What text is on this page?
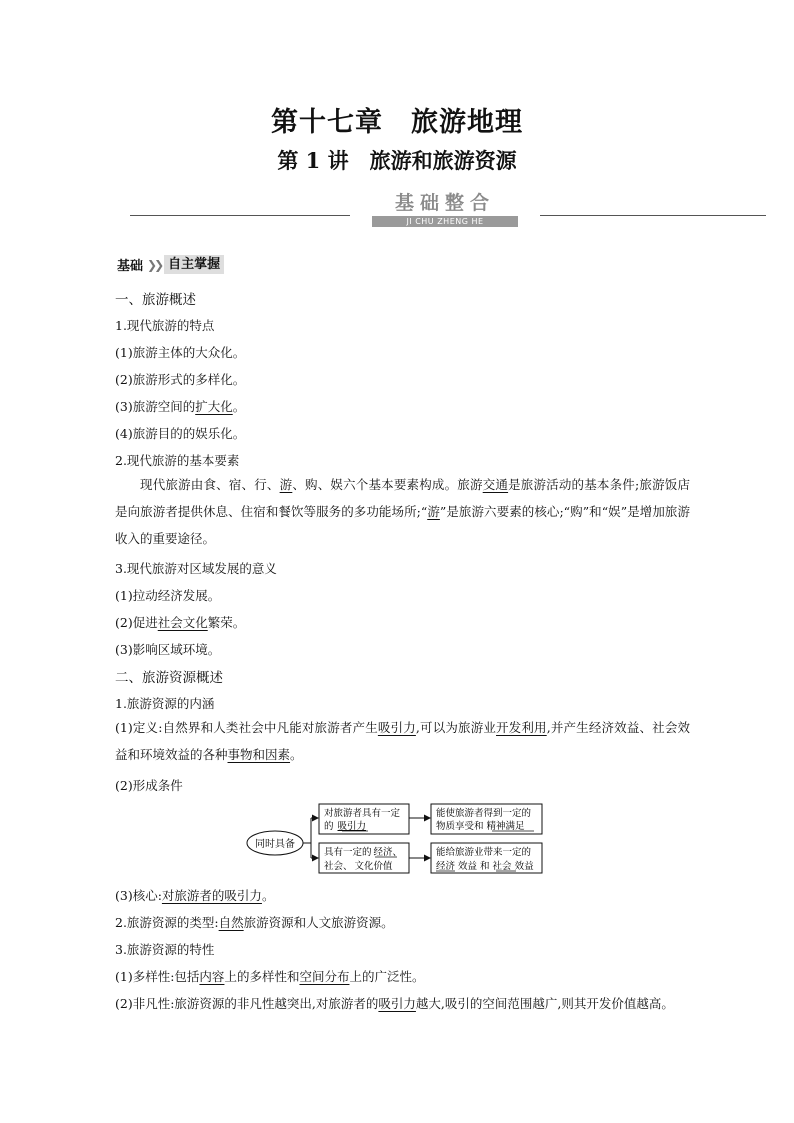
第十七章　旅游地理
第 1 讲　旅游和旅游资源
基础整合
JI CHU ZHENG HE
基础 ❯❯ 自主掌握
一、旅游概述
1.现代旅游的特点
(1)旅游主体的大众化。
(2)旅游形式的多样化。
(3)旅游空间的扩大化。
(4)旅游目的的娱乐化。
2.现代旅游的基本要素
现代旅游由食、宿、行、游、购、娱六个基本要素构成。旅游交通是旅游活动的基本条件;旅游饭店是向旅游者提供休息、住宿和餐饮等服务的多功能场所;“游”是旅游六要素的核心;“购”和“娱”是增加旅游收入的重要途径。
3.现代旅游对区域发展的意义
(1)拉动经济发展。
(2)促进社会文化繁荣。
(3)影响区域环境。
二、旅游资源概述
1.旅游资源的内涵
(1)定义:自然界和人类社会中凡能对旅游者产生吸引力,可以为旅游业开发利用,并产生经济效益、社会效益和环境效益的各种事物和因素。
(2)形成条件
同时具备
对旅游者具有一定
的 吸引力
具有一定的 经济、
社会、 文化价值
能使旅游者得到一定的
物质享受和 精神满足
能给旅游业带来一定的
经济 效益 和 社会 效益
(3)核心:对旅游者的吸引力。
2.旅游资源的类型:自然旅游资源和人文旅游资源。
3.旅游资源的特性
(1)多样性:包括内容上的多样性和空间分布上的广泛性。
(2)非凡性:旅游资源的非凡性越突出,对旅游者的吸引力越大,吸引的空间范围越广,则其开发价值越高。
